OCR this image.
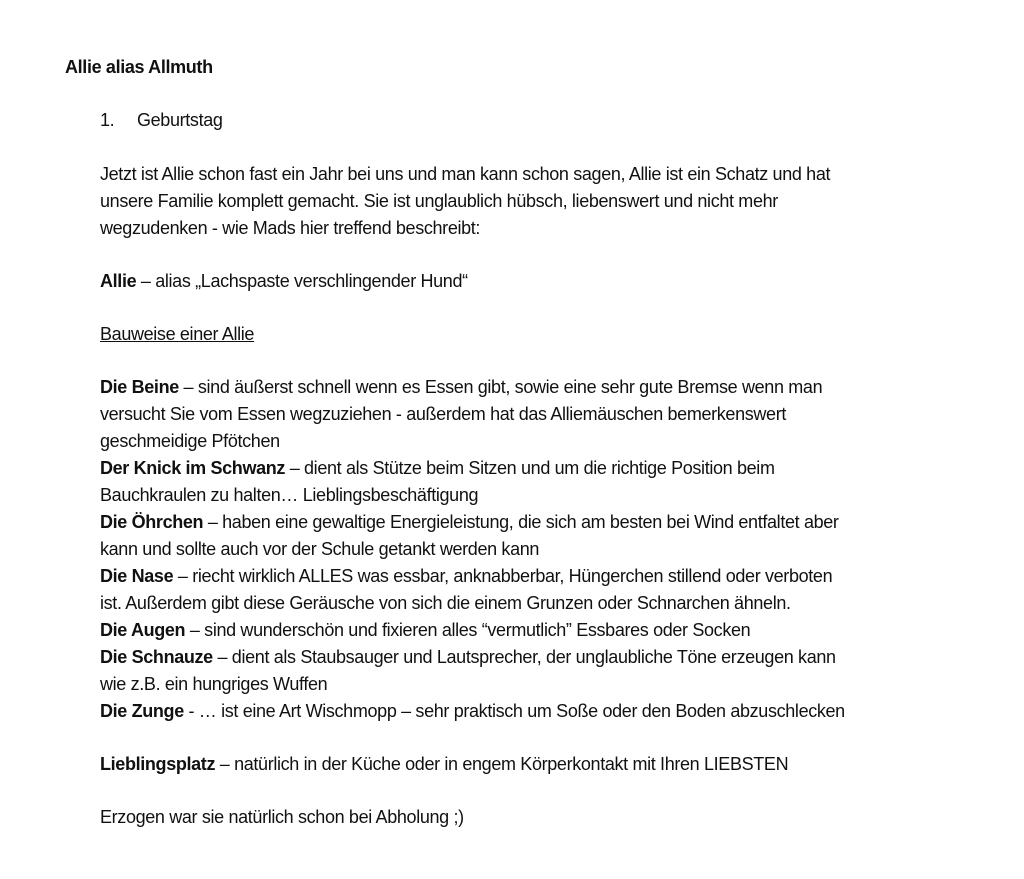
Allie alias Allmuth
1. Geburtstag
Jetzt ist Allie schon fast ein Jahr bei uns und man kann schon sagen, Allie ist ein Schatz und hat
unsere Familie komplett gemacht. Sie ist unglaublich hübsch, liebenswert und nicht mehr
wegzudenken - wie Mads hier treffend beschreibt:
Allie – alias „Lachspaste verschlingender Hund“
Bauweise einer Allie
Die Beine – sind äußerst schnell wenn es Essen gibt, sowie eine sehr gute Bremse wenn man
versucht Sie vom Essen wegzuziehen - außerdem hat das Alliemäuschen bemerkenswert
geschmeidige Pfötchen
Der Knick im Schwanz – dient als Stütze beim Sitzen und um die richtige Position beim
Bauchkraulen zu halten… Lieblingsbeschäftigung
Die Öhrchen – haben eine gewaltige Energieleistung, die sich am besten bei Wind entfaltet aber
kann und sollte auch vor der Schule getankt werden kann
Die Nase – riecht wirklich ALLES was essbar, anknabberbar, Hüngerchen stillend oder verboten
ist. Außerdem gibt diese Geräusche von sich die einem Grunzen oder Schnarchen ähneln.
Die Augen – sind wunderschön und fixieren alles “vermutlich” Essbares oder Socken
Die Schnauze – dient als Staubsauger und Lautsprecher, der unglaubliche Töne erzeugen kann
wie z.B. ein hungriges Wuffen
Die Zunge - … ist eine Art Wischmopp – sehr praktisch um Soße oder den Boden abzuschlecken
Lieblingsplatz – natürlich in der Küche oder in engem Körperkontakt mit Ihren LIEBSTEN
Erzogen war sie natürlich schon bei Abholung ;)
